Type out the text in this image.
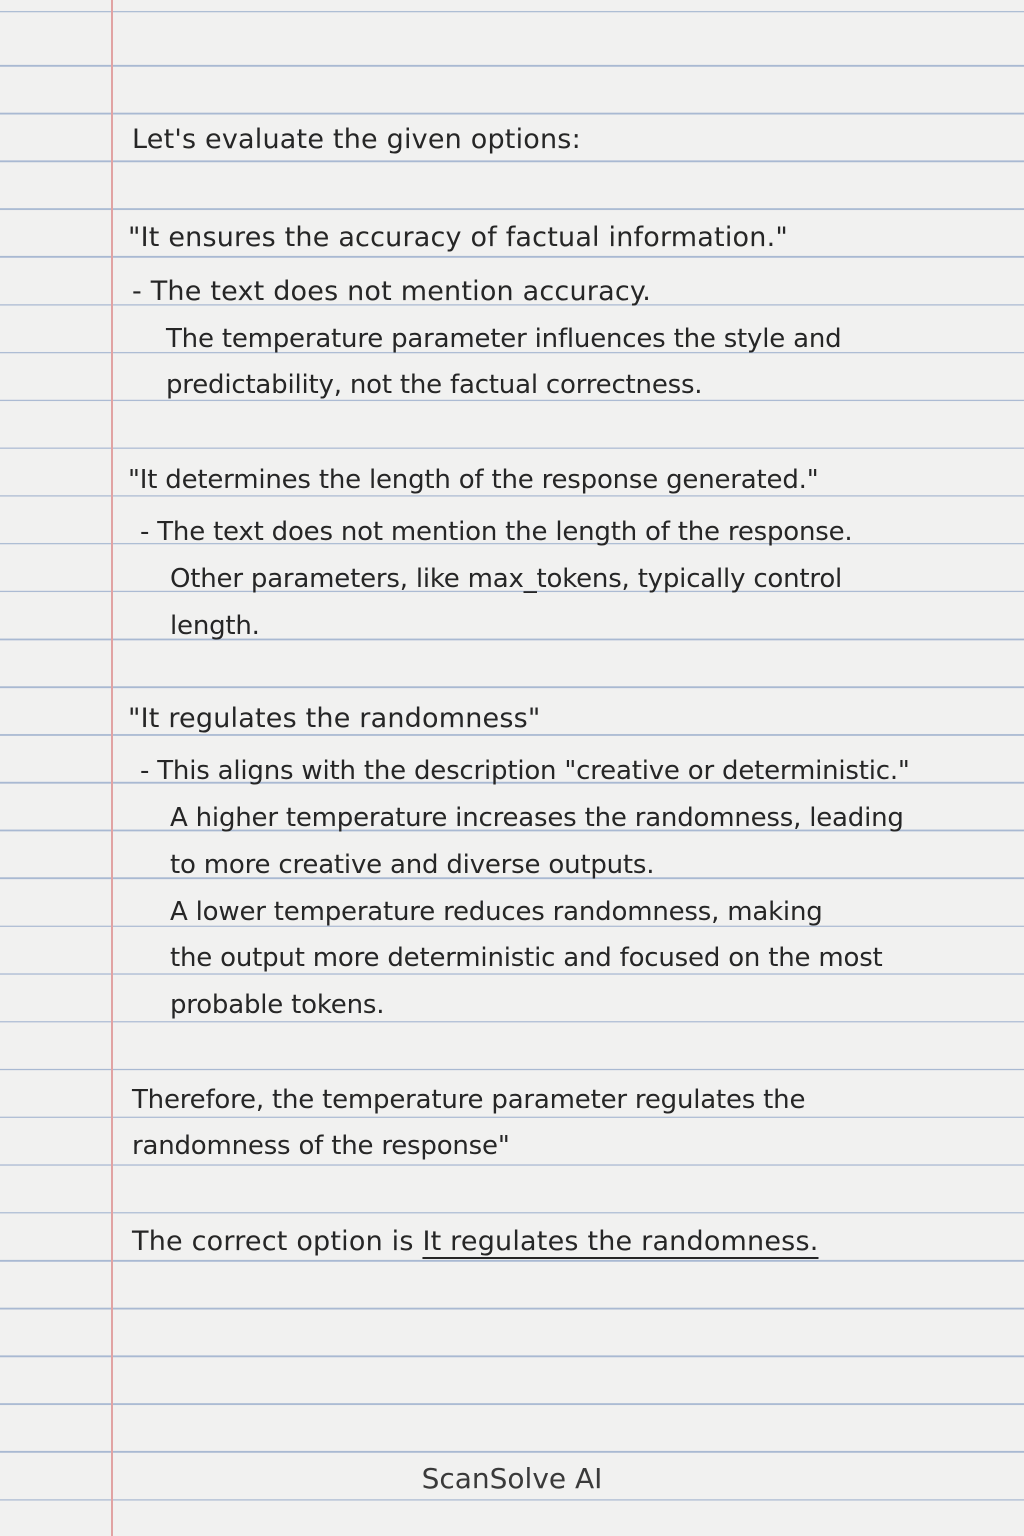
Let's evaluate the given options:
"It ensures the accuracy of factual information."
- The text does not mention accuracy.
The temperature parameter influences the style and
predictability, not the factual correctness.
"It determines the length of the response generated."
- The text does not mention the length of the response.
Other parameters, like max_tokens, typically control
length.
"It regulates the randomness"
- This aligns with the description "creative or deterministic."
A higher temperature increases the randomness, leading
to more creative and diverse outputs.
A lower temperature reduces randomness, making
the output more deterministic and focused on the most
probable tokens.
Therefore, the temperature parameter regulates the
randomness of the response"
The correct option is It regulates the randomness.
ScanSolve AI
